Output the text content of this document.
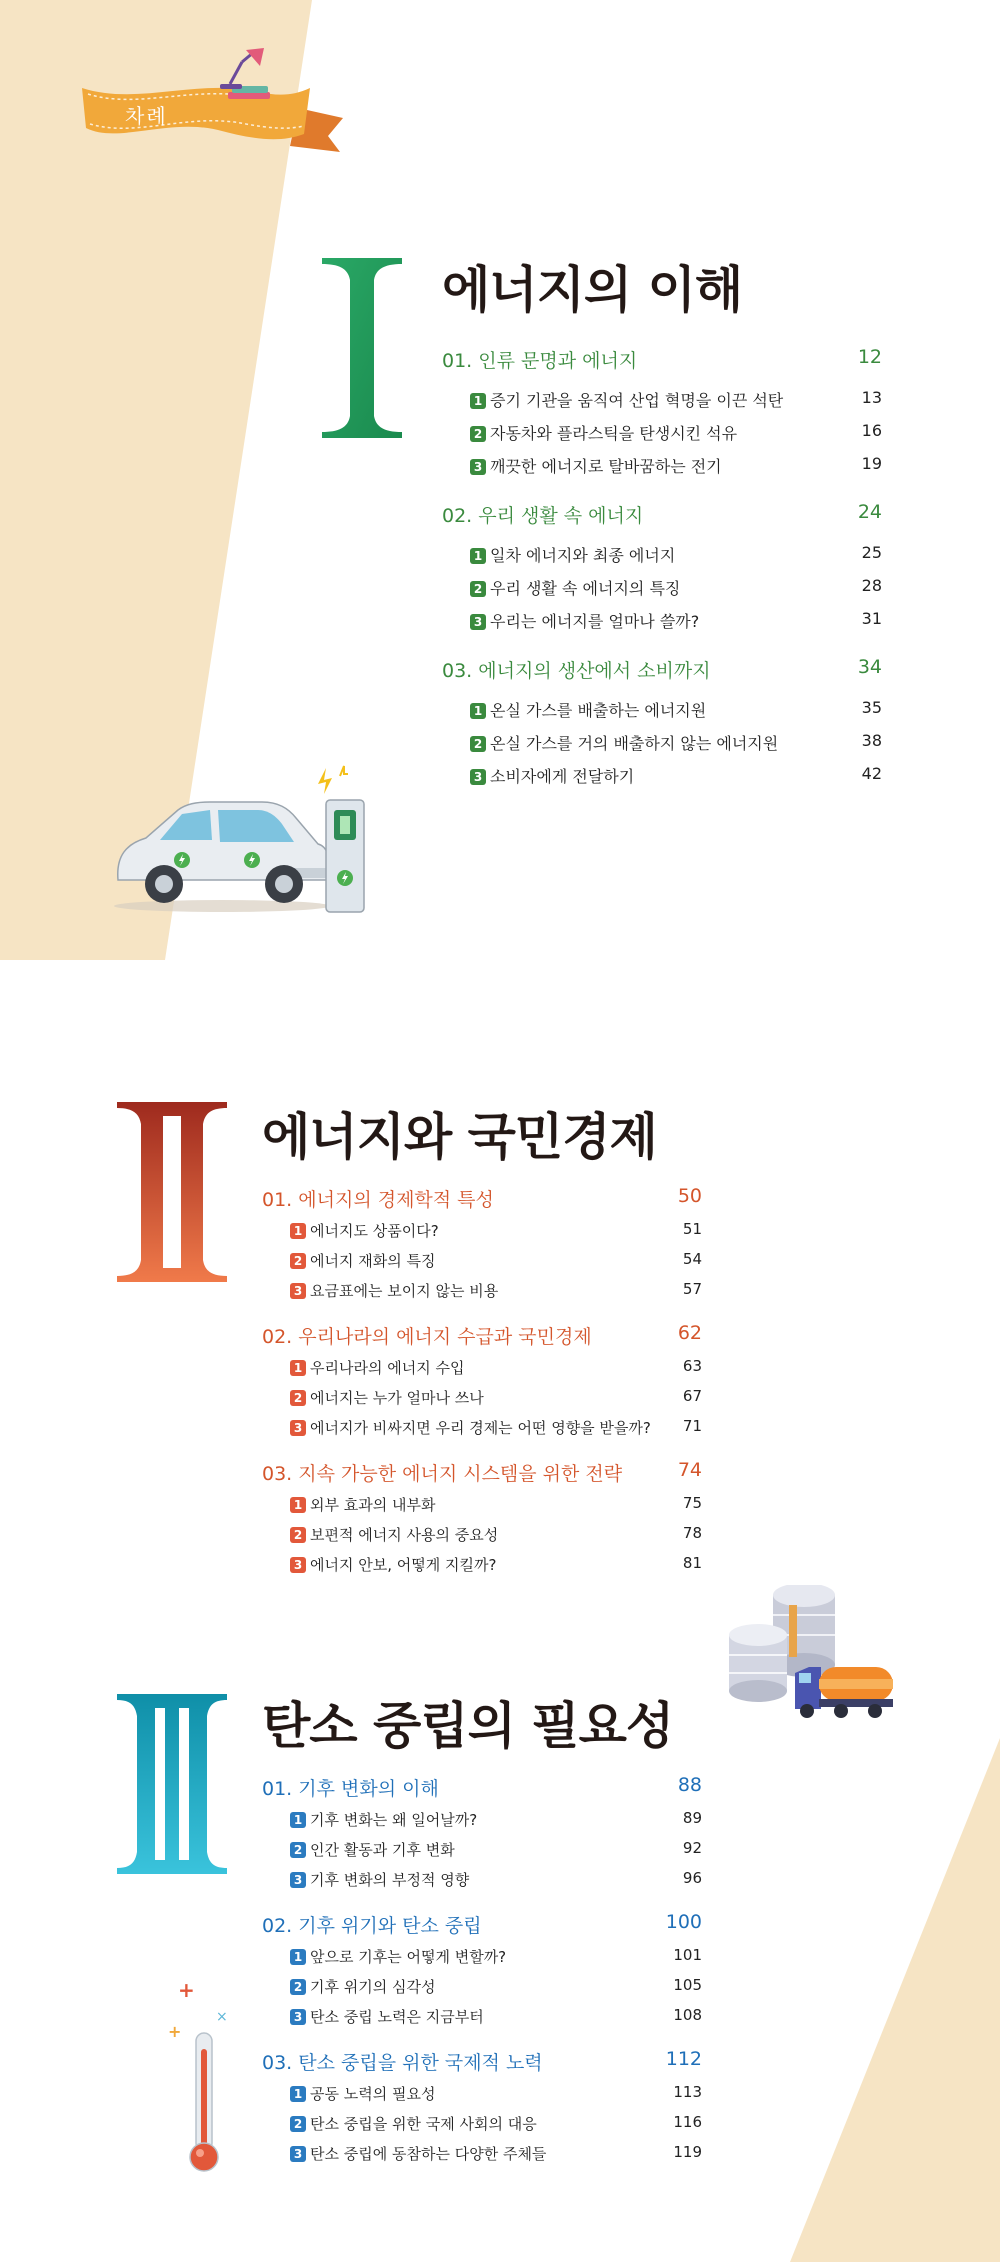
차례
에너지의 이해
01. 인류 문명과 에너지	12
1 증기 기관을 움직여 산업 혁명을 이끈 석탄	13
2 자동차와 플라스틱을 탄생시킨 석유	16
3 깨끗한 에너지로 탈바꿈하는 전기	19
02. 우리 생활 속 에너지	24
1 일차 에너지와 최종 에너지	25
2 우리 생활 속 에너지의 특징	28
3 우리는 에너지를 얼마나 쓸까?	31
03. 에너지의 생산에서 소비까지	34
1 온실 가스를 배출하는 에너지원	35
2 온실 가스를 거의 배출하지 않는 에너지원	38
3 소비자에게 전달하기	42
에너지와 국민경제
01. 에너지의 경제학적 특성	50
1 에너지도 상품이다?	51
2 에너지 재화의 특징	54
3 요금표에는 보이지 않는 비용	57
02. 우리나라의 에너지 수급과 국민경제	62
1 우리나라의 에너지 수입	63
2 에너지는 누가 얼마나 쓰나	67
3 에너지가 비싸지면 우리 경제는 어떤 영향을 받을까? 71
03. 지속 가능한 에너지 시스템을 위한 전략	74
1 외부 효과의 내부화	75
2 보편적 에너지 사용의 중요성	78
3 에너지 안보, 어떻게 지킬까?	81
탄소 중립의 필요성
01. 기후 변화의 이해	88
1 기후 변화는 왜 일어날까?	89
2 인간 활동과 기후 변화	92
3 기후 변화의 부정적 영향	96
02. 기후 위기와 탄소 중립	100
1 앞으로 기후는 어떻게 변할까?	101
2 기후 위기의 심각성	105
3 탄소 중립 노력은 지금부터	108
03. 탄소 중립을 위한 국제적 노력	112
1 공동 노력의 필요성	113
2 탄소 중립을 위한 국제 사회의 대응	116
3 탄소 중립에 동참하는 다양한 주체들	119
+
+
×
